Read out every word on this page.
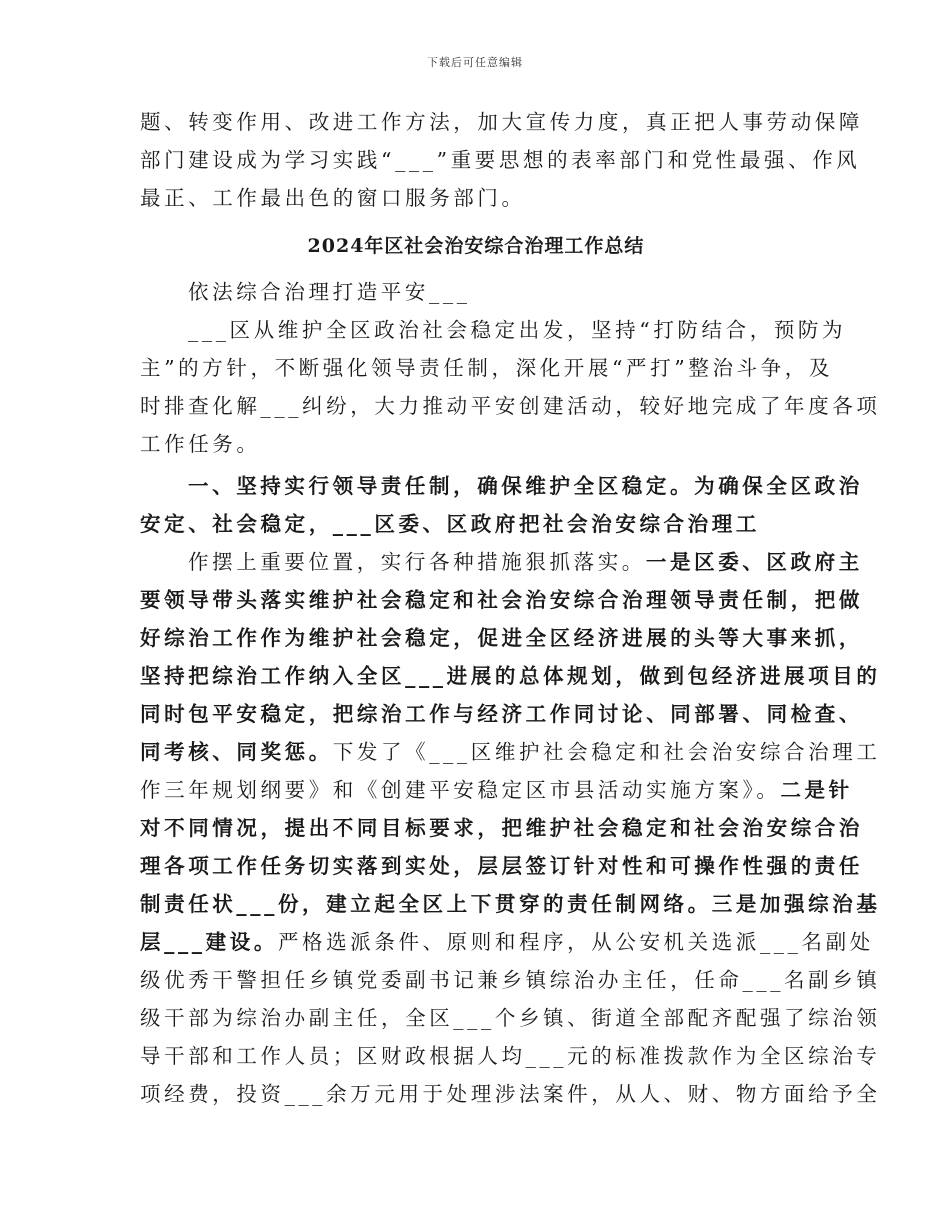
下载后可任意编辑
题、转变作用、改进工作方法，加大宣传力度，真正把人事劳动保障
部门建设成为学习实践“___”重要思想的表率部门和党性最强、作风
最正、工作最出色的窗口服务部门。
2024年区社会治安综合治理工作总结
依法综合治理打造平安___
___区从维护全区政治社会稳定出发，坚持“打防结合，预防为
主”的方针，不断强化领导责任制，深化开展“严打”整治斗争，及
时排查化解___纠纷，大力推动平安创建活动，较好地完成了年度各项
工作任务。
一、坚持实行领导责任制，确保维护全区稳定。为确保全区政治
安定、社会稳定，___区委、区政府把社会治安综合治理工
作摆上重要位置，实行各种措施狠抓落实。一是区委、区政府主
要领导带头落实维护社会稳定和社会治安综合治理领导责任制，把做
好综治工作作为维护社会稳定，促进全区经济进展的头等大事来抓，
坚持把综治工作纳入全区___进展的总体规划，做到包经济进展项目的
同时包平安稳定，把综治工作与经济工作同讨论、同部署、同检查、
同考核、同奖惩。下发了《___区维护社会稳定和社会治安综合治理工
作三年规划纲要》和《创建平安稳定区市县活动实施方案》。二是针
对不同情况，提出不同目标要求，把维护社会稳定和社会治安综合治
理各项工作任务切实落到实处，层层签订针对性和可操作性强的责任
制责任状___份，建立起全区上下贯穿的责任制网络。三是加强综治基
层___建设。严格选派条件、原则和程序，从公安机关选派___名副处
级优秀干警担任乡镇党委副书记兼乡镇综治办主任，任命___名副乡镇
级干部为综治办副主任，全区___个乡镇、街道全部配齐配强了综治领
导干部和工作人员；区财政根据人均___元的标准拨款作为全区综治专
项经费，投资___余万元用于处理涉法案件，从人、财、物方面给予全
